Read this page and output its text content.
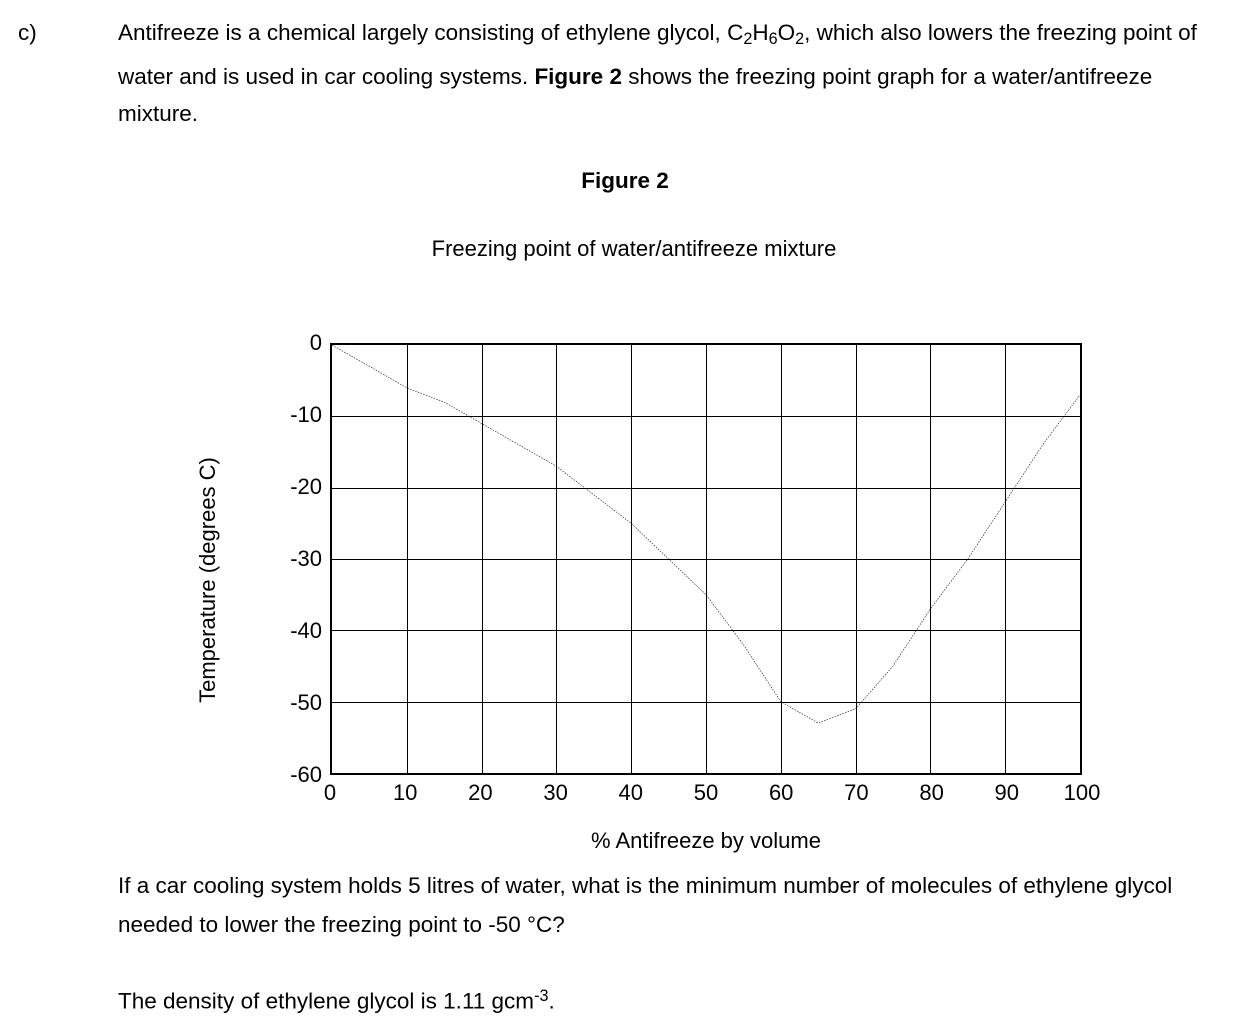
c)	Antifreeze is a chemical largely consisting of ethylene glycol, $C_2H_6O_2$, which also lowers the freezing point of water and is used in car cooling systems. Figure 2 shows the freezing point graph for a water/antifreeze mixture.
Figure 2
Freezing point of water/antifreeze mixture
Temperature (degrees C)
0
-10
-20
-30
-40
-50
-60
0	10 20 30 40 50 60 70 80 90 100
% Antifreeze by volume
If a car cooling system holds 5 litres of water, what is the minimum number of molecules of ethylene glycol needed to lower the freezing point to -50 °C?
The density of ethylene glycol is 1.11 gcm$^{-3}$.
